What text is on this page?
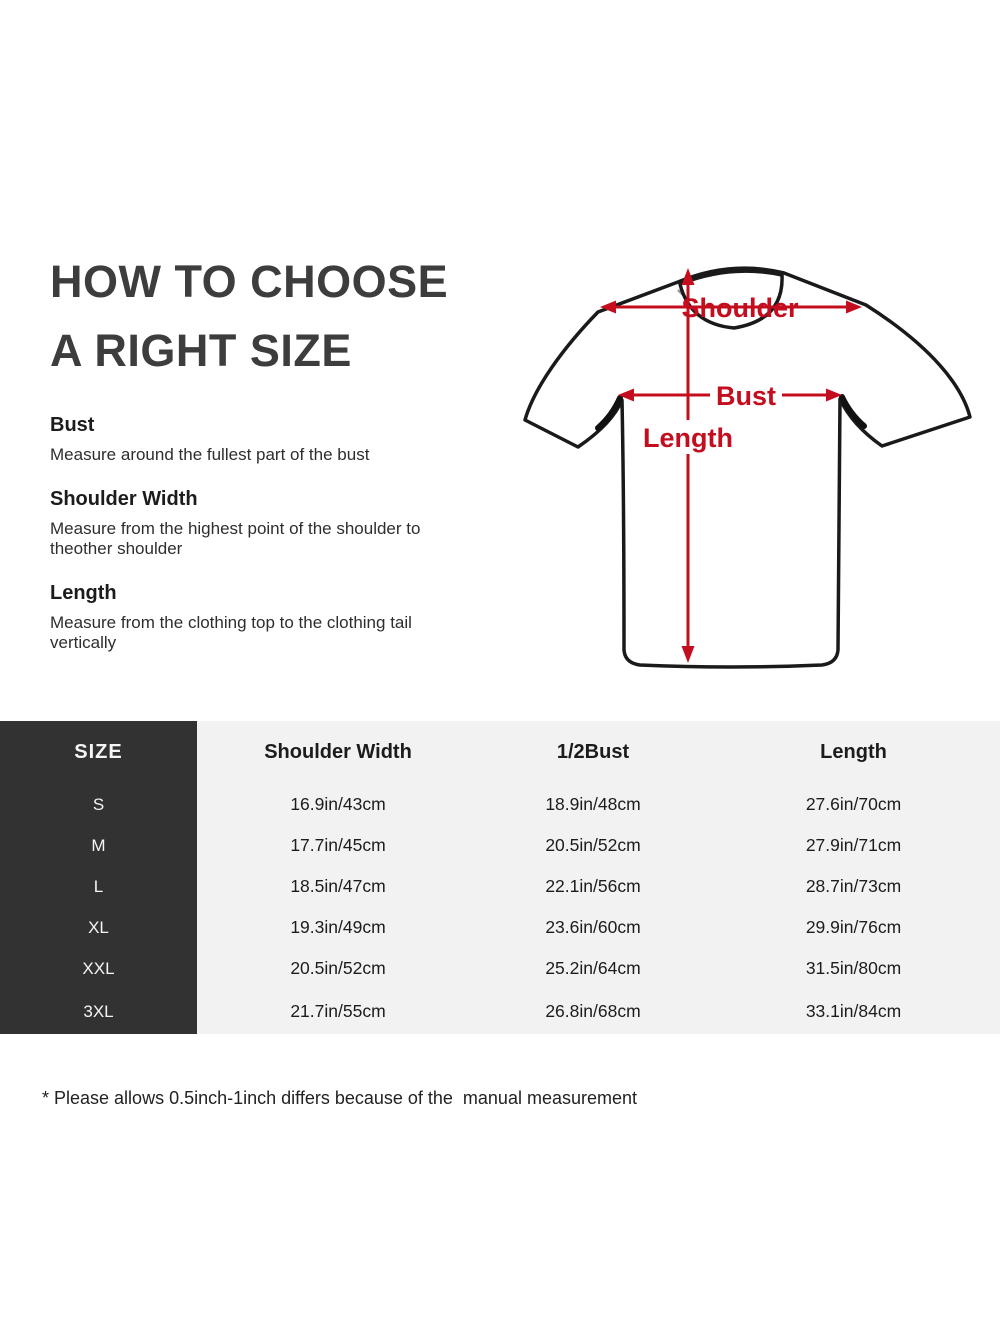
HOW TO CHOOSE
A RIGHT SIZE

Bust

Measure around the fullest part of the bust

Shoulder Width

Measure from the highest point of the shoulder to theother shoulder

Length

Measure from the clothing top to the clothing tail vertically

Shoulder
Bust
Length
SIZE	Shoulder Width	1/2Bust	Length
S	16.9in/43cm	18.9in/48cm	27.6in/70cm
M	17.7in/45cm	20.5in/52cm	27.9in/71cm
L	18.5in/47cm	22.1in/56cm	28.7in/73cm
XL	19.3in/49cm	23.6in/60cm	29.9in/76cm
XXL	20.5in/52cm	25.2in/64cm	31.5in/80cm
3XL	21.7in/55cm	26.8in/68cm	33.1in/84cm

* Please allows 0.5inch-1inch differs because of the  manual measurement
